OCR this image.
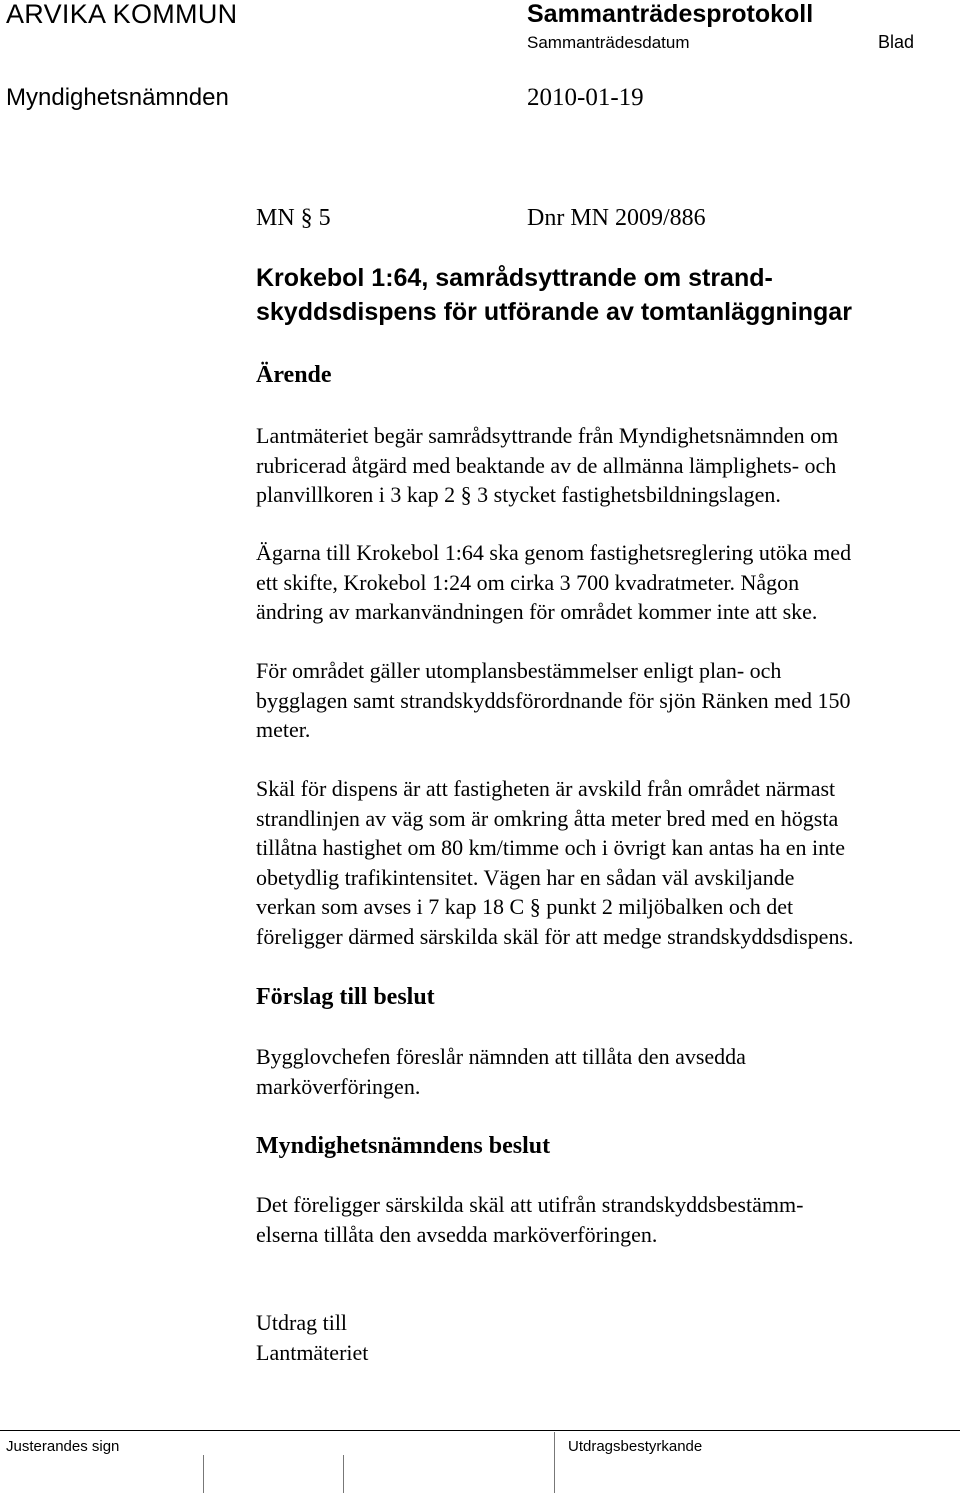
ARVIKA KOMMUN	Sammanträdesprotokoll
Sammanträdesdatum	Blad
Myndighetsnämnden	2010-01-19
MN § 5	Dnr MN 2009/886
Krokebol 1:64, samrådsyttrande om strand-
skyddsdispens för utförande av tomtanläggningar
Ärende
Lantmäteriet begär samrådsyttrande från Myndighetsnämnden om
rubricerad åtgärd med beaktande av de allmänna lämplighets- och
planvillkoren i 3 kap 2 § 3 stycket fastighetsbildningslagen.
Ägarna till Krokebol 1:64 ska genom fastighetsreglering utöka med
ett skifte, Krokebol 1:24 om cirka 3 700 kvadratmeter. Någon
ändring av markanvändningen för området kommer inte att ske.
För området gäller utomplansbestämmelser enligt plan- och
bygglagen samt strandskyddsförordnande för sjön Ränken med 150
meter.
Skäl för dispens är att fastigheten är avskild från området närmast
strandlinjen av väg som är omkring åtta meter bred med en högsta
tillåtna hastighet om 80 km/timme och i övrigt kan antas ha en inte
obetydlig trafikintensitet. Vägen har en sådan väl avskiljande
verkan som avses i 7 kap 18 C § punkt 2 miljöbalken och det
föreligger därmed särskilda skäl för att medge strandskyddsdispens.
Förslag till beslut
Bygglovchefen föreslår nämnden att tillåta den avsedda
marköverföringen.
Myndighetsnämndens beslut
Det föreligger särskilda skäl att utifrån strandskyddsbestämm-
elserna tillåta den avsedda marköverföringen.
Utdrag till
Lantmäteriet
Justerandes sign	Utdragsbestyrkande
